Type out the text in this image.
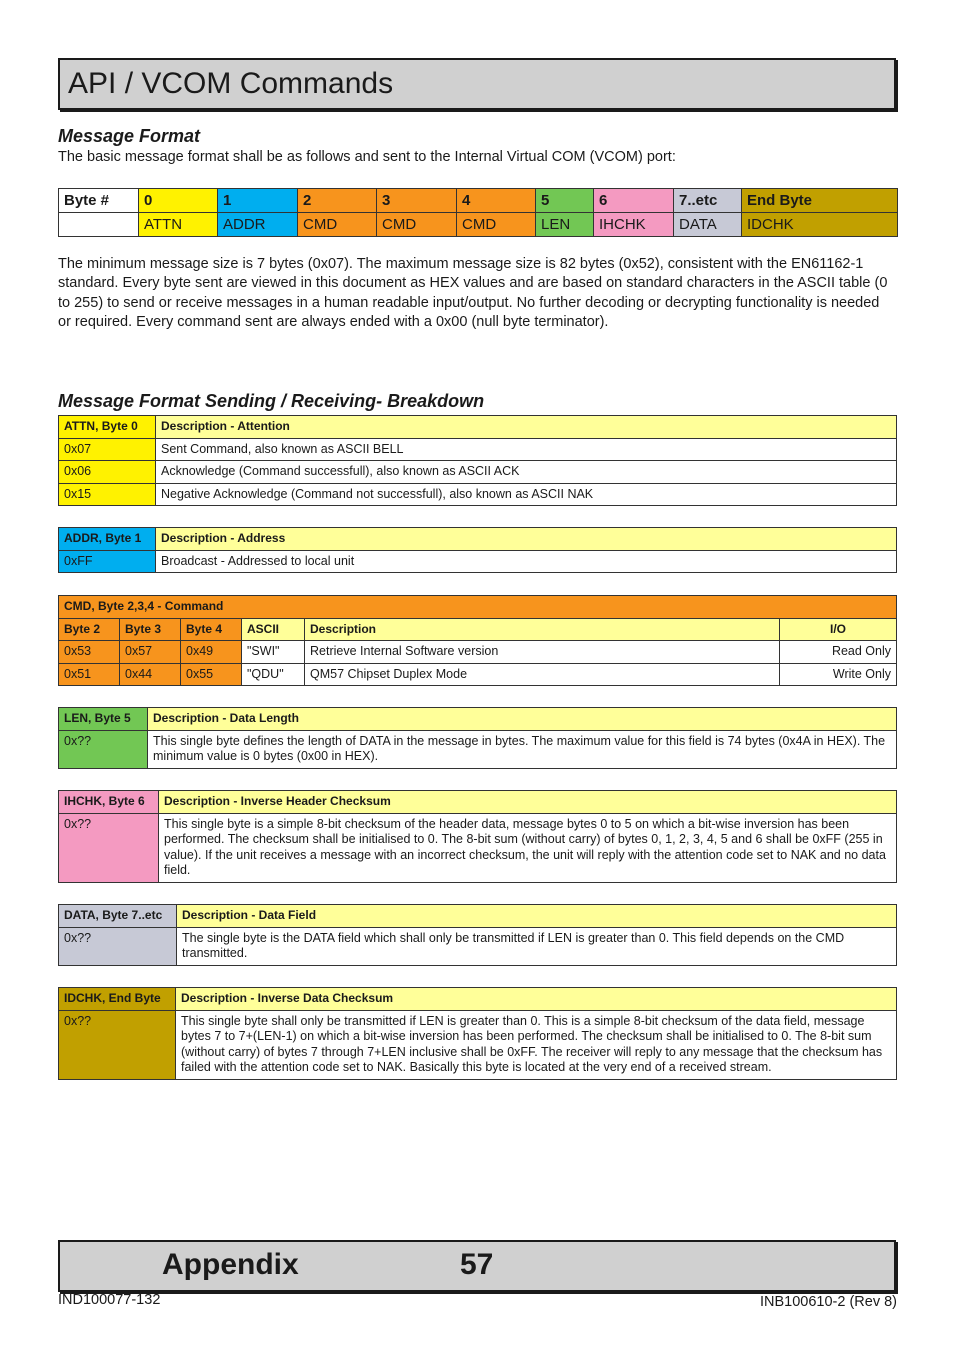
API / VCOM Commands
Message Format
The basic message format shall be as follows and sent to the Internal Virtual COM (VCOM) port:
Byte #	0	1	2	3	4	5	6	7..etc	End Byte
	ATTN	ADDR	CMD	CMD	CMD	LEN	IHCHK	DATA	IDCHK
The minimum message size is 7 bytes (0x07). The maximum message size is 82 bytes (0x52), consistent with the EN61162-1 standard. Every byte sent are viewed in this document as HEX values and are based on standard characters in the ASCII table (0 to 255) to send or receive messages in a human readable input/output. No further decoding or decrypting functionality is needed or required. Every command sent are always ended with a 0x00 (null byte terminator).
Message Format Sending / Receiving- Breakdown
ATTN, Byte 0	Description - Attention
0x07	Sent Command, also known as ASCII BELL
0x06	Acknowledge (Command successfull), also known as ASCII ACK
0x15	Negative Acknowledge (Command not successfull), also known as ASCII NAK
ADDR, Byte 1	Description - Address
0xFF	Broadcast - Addressed to local unit
CMD, Byte 2,3,4 - Command					
Byte 2	Byte 3	Byte 4	ASCII	Description	I/O
0x53	0x57	0x49	"SWI"	Retrieve Internal Software version	Read Only
0x51	0x44	0x55	"QDU"	QM57 Chipset Duplex Mode	Write Only
LEN, Byte 5	Description - Data Length
0x??	This single byte defines the length of DATA in the message in bytes. The maximum value for this field is 74 bytes (0x4A in HEX). The minimum value is 0 bytes (0x00 in HEX).
IHCHK, Byte 6	Description - Inverse Header Checksum
0x??	This single byte is a simple 8-bit checksum of the header data, message bytes 0 to 5 on which a bit-wise inversion has been performed. The checksum shall be initialised to 0. The 8-bit sum (without carry) of bytes 0, 1, 2, 3, 4, 5 and 6 shall be 0xFF (255 in value). If the unit receives a message with an incorrect checksum, the unit will reply with the attention code set to NAK and no data field.
DATA, Byte 7..etc	Description - Data Field
0x??	The single byte is the DATA field which shall only be transmitted if LEN is greater than 0. This field depends on the CMD transmitted.
IDCHK, End Byte	Description - Inverse Data Checksum
0x??	This single byte shall only be transmitted if LEN is greater than 0. This is a simple 8-bit checksum of the data field, message bytes 7 to 7+(LEN-1) on which a bit-wise inversion has been performed. The checksum shall be initialised to 0. The 8-bit sum (without carry) of bytes 7 through 7+LEN inclusive shall be 0xFF. The receiver will reply to any message that the checksum has failed with the attention code set to NAK. Basically this byte is located at the very end of a received stream.
Appendix	57
IND100077-132	INB100610-2 (Rev 8)
